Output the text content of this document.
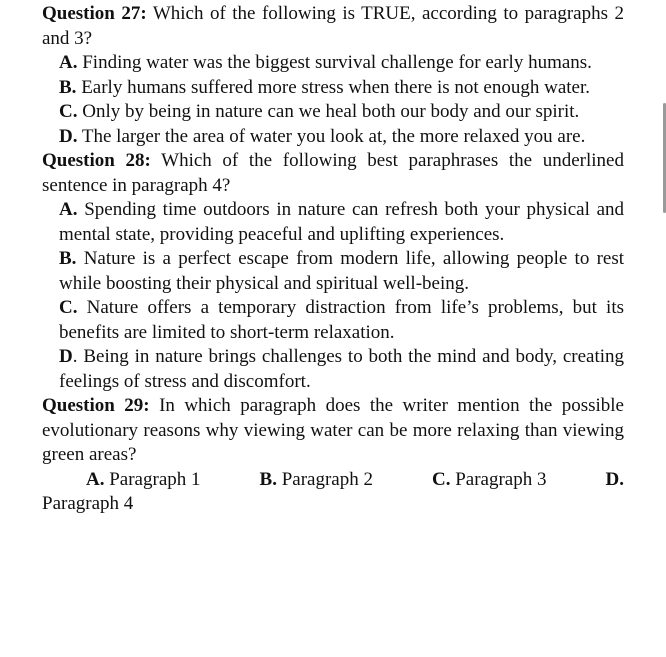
Question 27: Which of the following is TRUE, according to paragraphs 2 and 3?
A. Finding water was the biggest survival challenge for early humans.
B. Early humans suffered more stress when there is not enough water.
C. Only by being in nature can we heal both our body and our spirit.
D. The larger the area of water you look at, the more relaxed you are.
Question 28: Which of the following best paraphrases the underlined sentence in paragraph 4?
A. Spending time outdoors in nature can refresh both your physical and mental state, providing peaceful and uplifting experiences.
B. Nature is a perfect escape from modern life, allowing people to rest while boosting their physical and spiritual well-being.
C. Nature offers a temporary distraction from life’s problems, but its benefits are limited to short-term relaxation.
D. Being in nature brings challenges to both the mind and body, creating feelings of stress and discomfort.
Question 29: In which paragraph does the writer mention the possible evolutionary reasons why viewing water can be more relaxing than viewing green areas?
A. Paragraph 1	B. Paragraph 2	C. Paragraph 3	D.
Paragraph 4
